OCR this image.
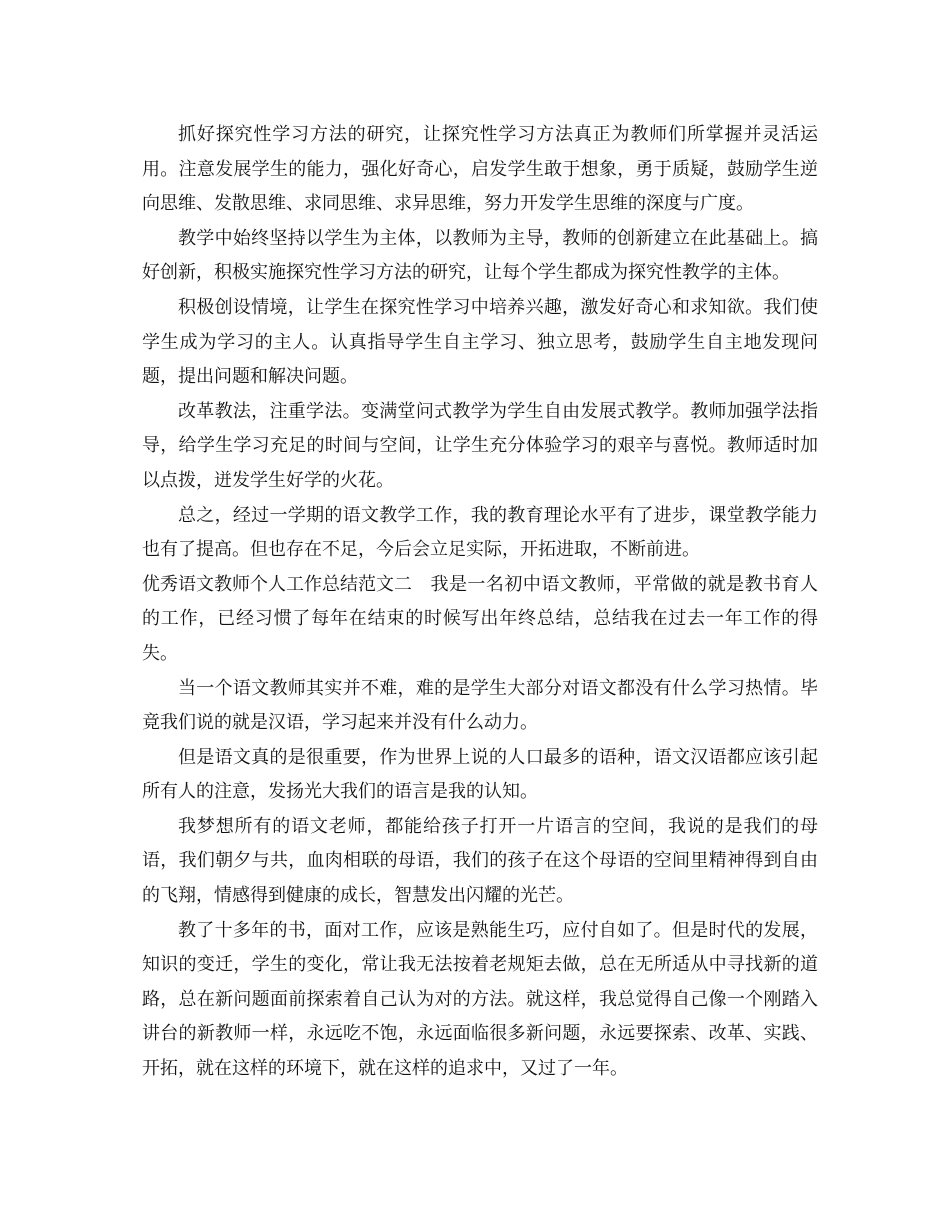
抓好探究性学习方法的研究，让探究性学习方法真正为教师们所掌握并灵活运用。注意发展学生的能力，强化好奇心，启发学生敢于想象，勇于质疑，鼓励学生逆向思维、发散思维、求同思维、求异思维，努力开发学生思维的深度与广度。

教学中始终坚持以学生为主体，以教师为主导，教师的创新建立在此基础上。搞好创新，积极实施探究性学习方法的研究，让每个学生都成为探究性教学的主体。

积极创设情境，让学生在探究性学习中培养兴趣，激发好奇心和求知欲。我们使学生成为学习的主人。认真指导学生自主学习、独立思考，鼓励学生自主地发现问题，提出问题和解决问题。

改革教法，注重学法。变满堂问式教学为学生自由发展式教学。教师加强学法指导，给学生学习充足的时间与空间，让学生充分体验学习的艰辛与喜悦。教师适时加以点拨，迸发学生好学的火花。

总之，经过一学期的语文教学工作，我的教育理论水平有了进步，课堂教学能力也有了提高。但也存在不足，今后会立足实际，开拓进取，不断前进。

优秀语文教师个人工作总结范文二 我是一名初中语文教师，平常做的就是教书育人的工作，已经习惯了每年在结束的时候写出年终总结，总结我在过去一年工作的得失。

当一个语文教师其实并不难，难的是学生大部分对语文都没有什么学习热情。毕竟我们说的就是汉语，学习起来并没有什么动力。

但是语文真的是很重要，作为世界上说的人口最多的语种，语文汉语都应该引起所有人的注意，发扬光大我们的语言是我的认知。

我梦想所有的语文老师，都能给孩子打开一片语言的空间，我说的是我们的母语，我们朝夕与共，血肉相联的母语，我们的孩子在这个母语的空间里精神得到自由的飞翔，情感得到健康的成长，智慧发出闪耀的光芒。

教了十多年的书，面对工作，应该是熟能生巧，应付自如了。但是时代的发展，知识的变迁，学生的变化，常让我无法按着老规矩去做，总在无所适从中寻找新的道路，总在新问题面前探索着自己认为对的方法。就这样，我总觉得自己像一个刚踏入讲台的新教师一样，永远吃不饱，永远面临很多新问题，永远要探索、改革、实践、开拓，就在这样的环境下，就在这样的追求中，又过了一年。
